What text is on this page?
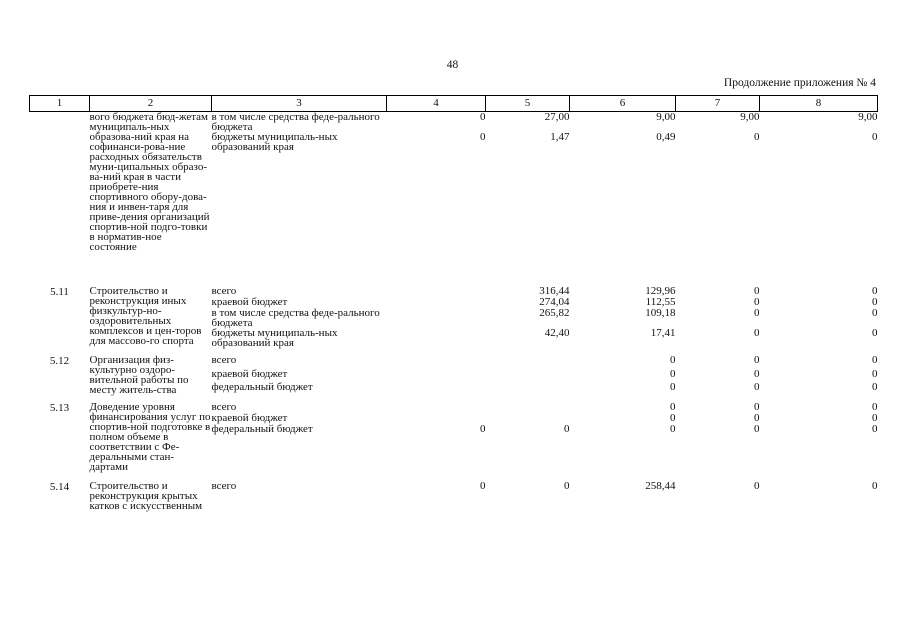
48
Продолжение приложения № 4
1	2	3	4	5	6	7	8
	вого бюджета бюд-жетам муниципаль-ных образова-ний края на софинанси-рова-ние расходных обязательств муни-ципальных образо-ва-ний края в части приобрете-ния спортивного обору-дова-ния и инвен-таря для приве-дения организаций спортив-ной подго-товки в норматив-ное состояние	в том числе средства феде-рального бюджета	0	27,00	9,00	9,00	9,00
		бюджеты муниципаль-ных образований края	0	1,47	0,49	0	0
5.11	Строительство и реконструкция иных физкультур-но-оздоровительных комплексов и цен-торов для массово-го спорта	всего		316,44	129,96	0	0
		краевой бюджет		274,04	112,55	0	0
		в том числе средства феде-рального бюджета		265,82	109,18	0	0
		бюджеты муниципаль-ных образований края		42,40	17,41	0	0
5.12	Организация физ-культурно оздоро-вительной работы по месту житель-ства	всего			0	0	0
		краевой бюджет			0	0	0
		федеральный бюджет			0	0	0
5.13	Доведение уровня финансирования услуг по спортив-ной подготовке в полном объеме в соответствии с Фе-деральными стан-дартами	всего			0	0	0
		краевой бюджет			0	0	0
		федеральный бюджет	0	0	0	0	0
5.14	Строительство и реконструкция крытых катков с искусственным	всего	0	0	258,44	0	0
